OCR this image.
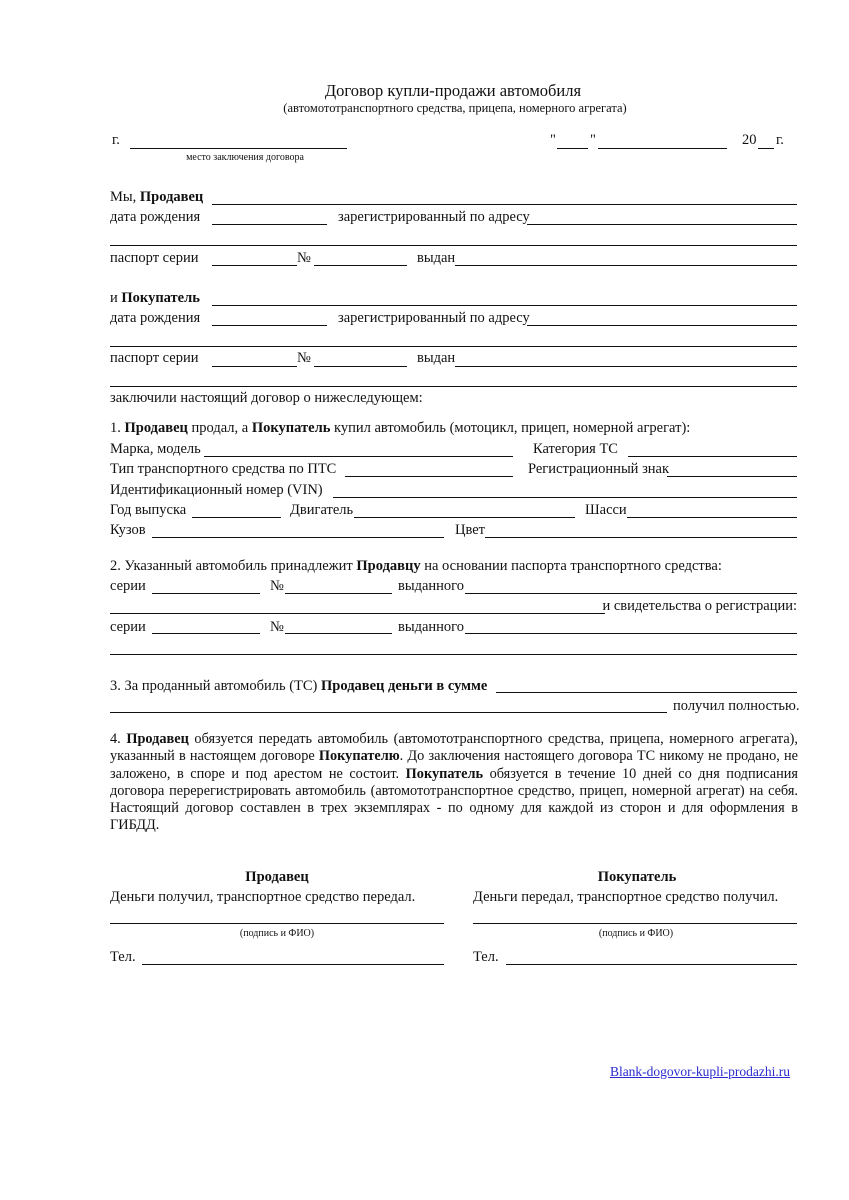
Договор купли-продажи автомобиля
(автомототранспортного средства, прицепа, номерного агрегата)
г.
место заключения договора
" "	20 г.
Мы, Продавец
дата рождения	зарегистрированный по адресу
паспорт серии	№	выдан
и Покупатель
дата рождения	зарегистрированный по адресу
паспорт серии	№	выдан
заключили настоящий договор о нижеследующем:
1. Продавец продал, а Покупатель купил автомобиль (мотоцикл, прицеп, номерной агрегат):
Марка, модель	Категория ТС
Тип транспортного средства по ПТС	Регистрационный знак
Идентификационный номер (VIN)
Год выпуска	Двигатель	Шасси
Кузов	Цвет
2. Указанный автомобиль принадлежит Продавцу на основании паспорта транспортного средства:
серии	№	выданного
и свидетельства о регистрации:
серии	№	выданного
3. За проданный автомобиль (ТС) Продавец деньги в сумме
получил полностью.
4. Продавец обязуется передать автомобиль (автомототранспортного средства, прицепа, номерного агрегата), указанный в настоящем договоре Покупателю. До заключения настоящего договора ТС никому не продано, не заложено, в споре и под арестом не состоит. Покупатель обязуется в течение 10 дней со дня подписания договора перерегистрировать автомобиль (автомототранспортное средство, прицеп, номерной агрегат) на себя. Настоящий договор составлен в трех экземплярах - по одному для каждой из сторон и для оформления в ГИБДД.
Продавец
Деньги получил, транспортное средство передал.
(подпись и ФИО)
Тел.
Покупатель
Деньги передал, транспортное средство получил.
(подпись и ФИО)
Тел.
Blank-dogovor-kupli-prodazhi.ru
